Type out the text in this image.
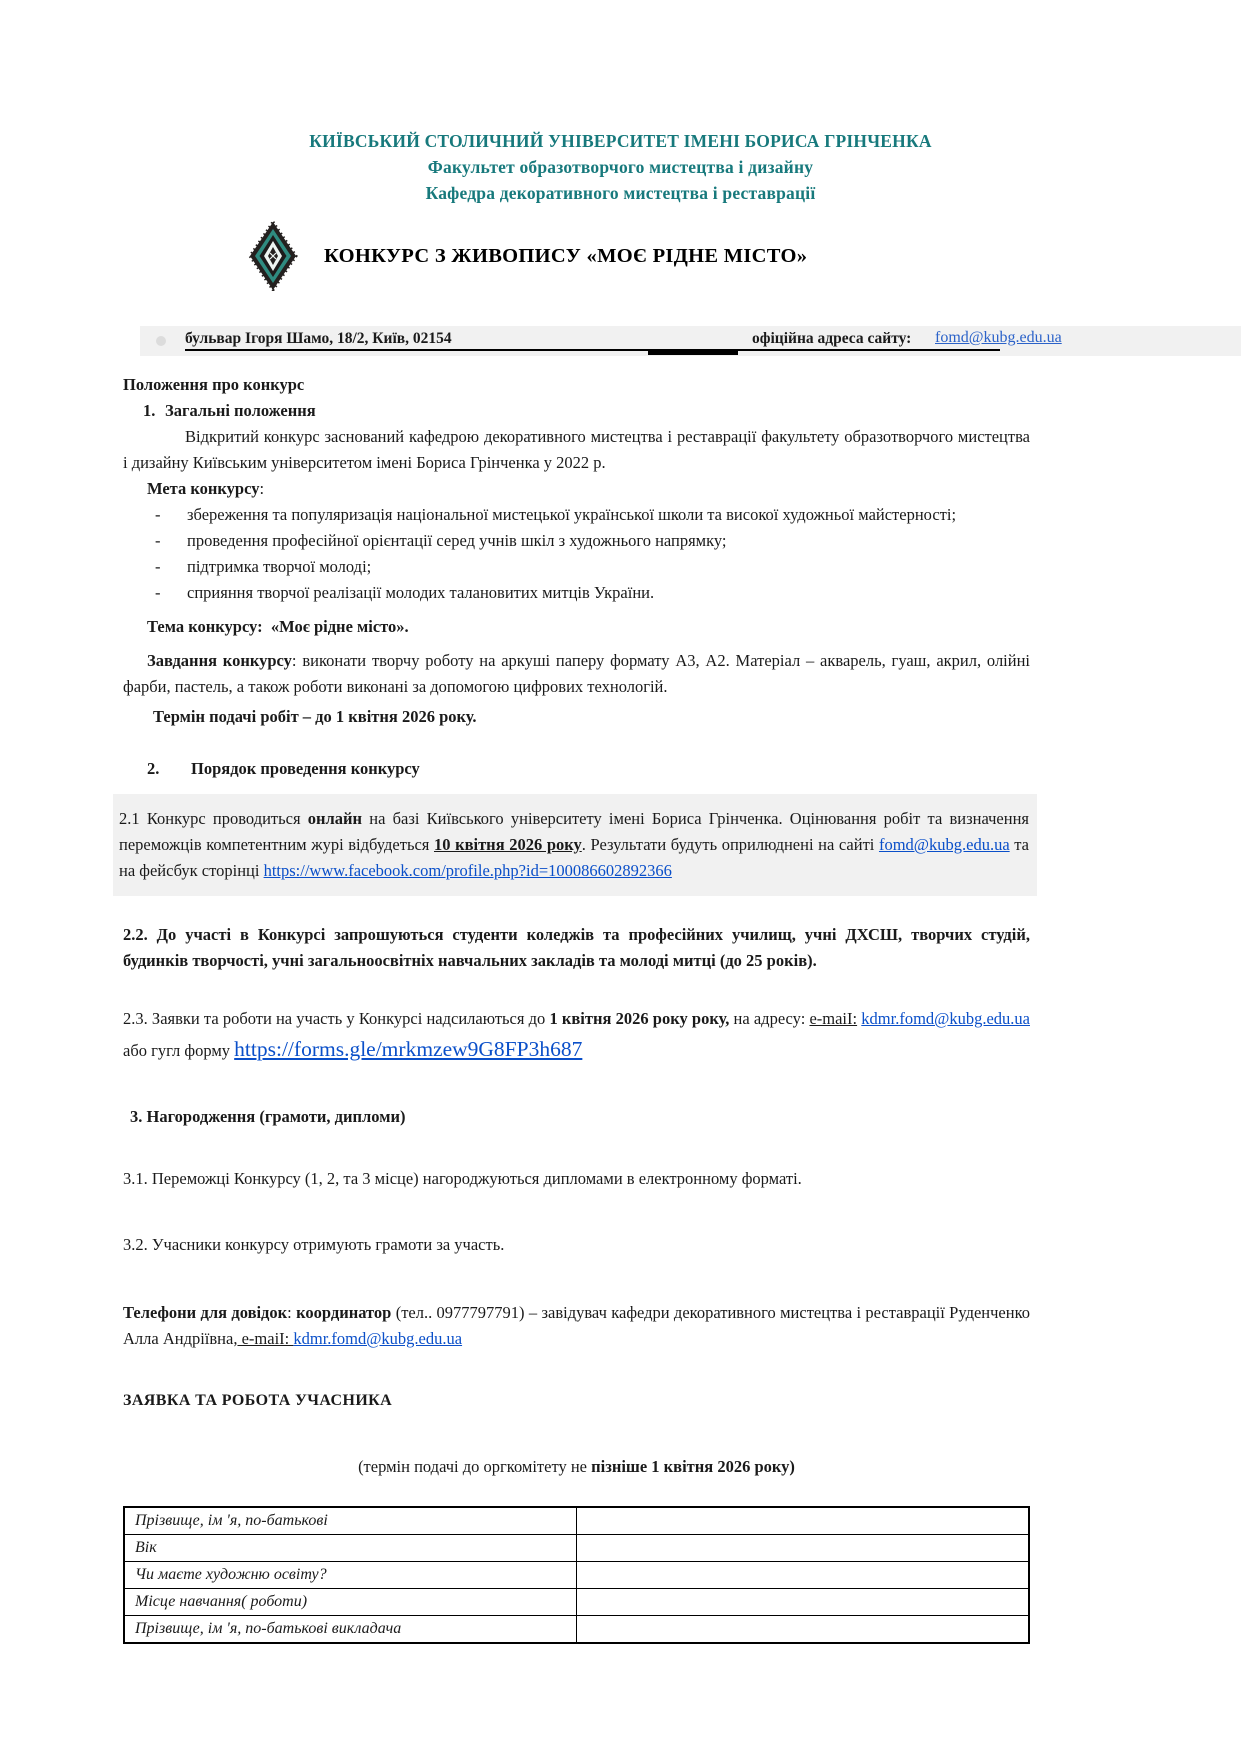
КИЇВСЬКИЙ СТОЛИЧНИЙ УНІВЕРСИТЕТ ІМЕНІ БОРИСА ГРІНЧЕНКА
Факультет образотворчого мистецтва і дизайну
Кафедра декоративного мистецтва і реставрації
КОНКУРС З ЖИВОПИСУ «МОЄ РІДНЕ МІСТО»
бульвар Ігоря Шамо, 18/2, Київ, 02154	офіційна адреса сайту: fomd@kubg.edu.ua
Положення про конкурс
1. Загальні положення
Відкритий конкурс заснований кафедрою декоративного мистецтва і реставрації факультету образотворчого мистецтва і дизайну Київським університетом імені Бориса Грінченка у 2022 р.
Мета конкурсу:
- збереження та популяризація національної мистецької української школи та високої художньої майстерності;
- проведення професійної орієнтації серед учнів шкіл з художнього напрямку;
- підтримка творчої молоді;
- сприяння творчої реалізації молодих талановитих митців України.
Тема конкурсу: «Моє рідне місто».
Завдання конкурсу: виконати творчу роботу на аркуші паперу формату А3, А2. Матеріал – акварель, гуаш, акрил, олійні фарби, пастель, а також роботи виконані за допомогою цифрових технологій.
Термін подачі робіт – до 1 квітня 2026 року.
2. Порядок проведення конкурсу
2.1 Конкурс проводиться онлайн на базі Київського університету імені Бориса Грінченка. Оцінювання робіт та визначення переможців компетентним журі відбудеться 10 квітня 2026 року. Результати будуть оприлюднені на сайті fomd@kubg.edu.ua та на фейсбук сторінці https://www.facebook.com/profile.php?id=100086602892366
2.2. До участі в Конкурсі запрошуються студенти коледжів та професійних училищ, учні ДХСШ, творчих студій, будинків творчості, учні загальноосвітніх навчальних закладів та молоді митці (до 25 років).
2.3. Заявки та роботи на участь у Конкурсі надсилаються до 1 квітня 2026 року року, на адресу: e-maiI: kdmr.fomd@kubg.edu.ua або гугл форму https://forms.gle/mrkmzew9G8FP3h687
3. Нагородження (грамоти, дипломи)
3.1. Переможці Конкурсу (1, 2, та 3 місце) нагороджуються дипломами в електронному форматі.
3.2. Учасники конкурсу отримують грамоти за участь.
Телефони для довідок: координатор (тел.. 0977797791) – завідувач кафедри декоративного мистецтва і реставрації Руденченко Алла Андріївна, e-maiI: kdmr.fomd@kubg.edu.ua
ЗАЯВКА ТА РОБОТА УЧАСНИКА
(термін подачі до оргкомітету не пізніше 1 квітня 2026 року)
Прізвище, ім 'я, по-батькові	
Вік	
Чи маєте художню освіту?	
Місце навчання( роботи)	
Прізвище, ім 'я, по-батькові викладача	
